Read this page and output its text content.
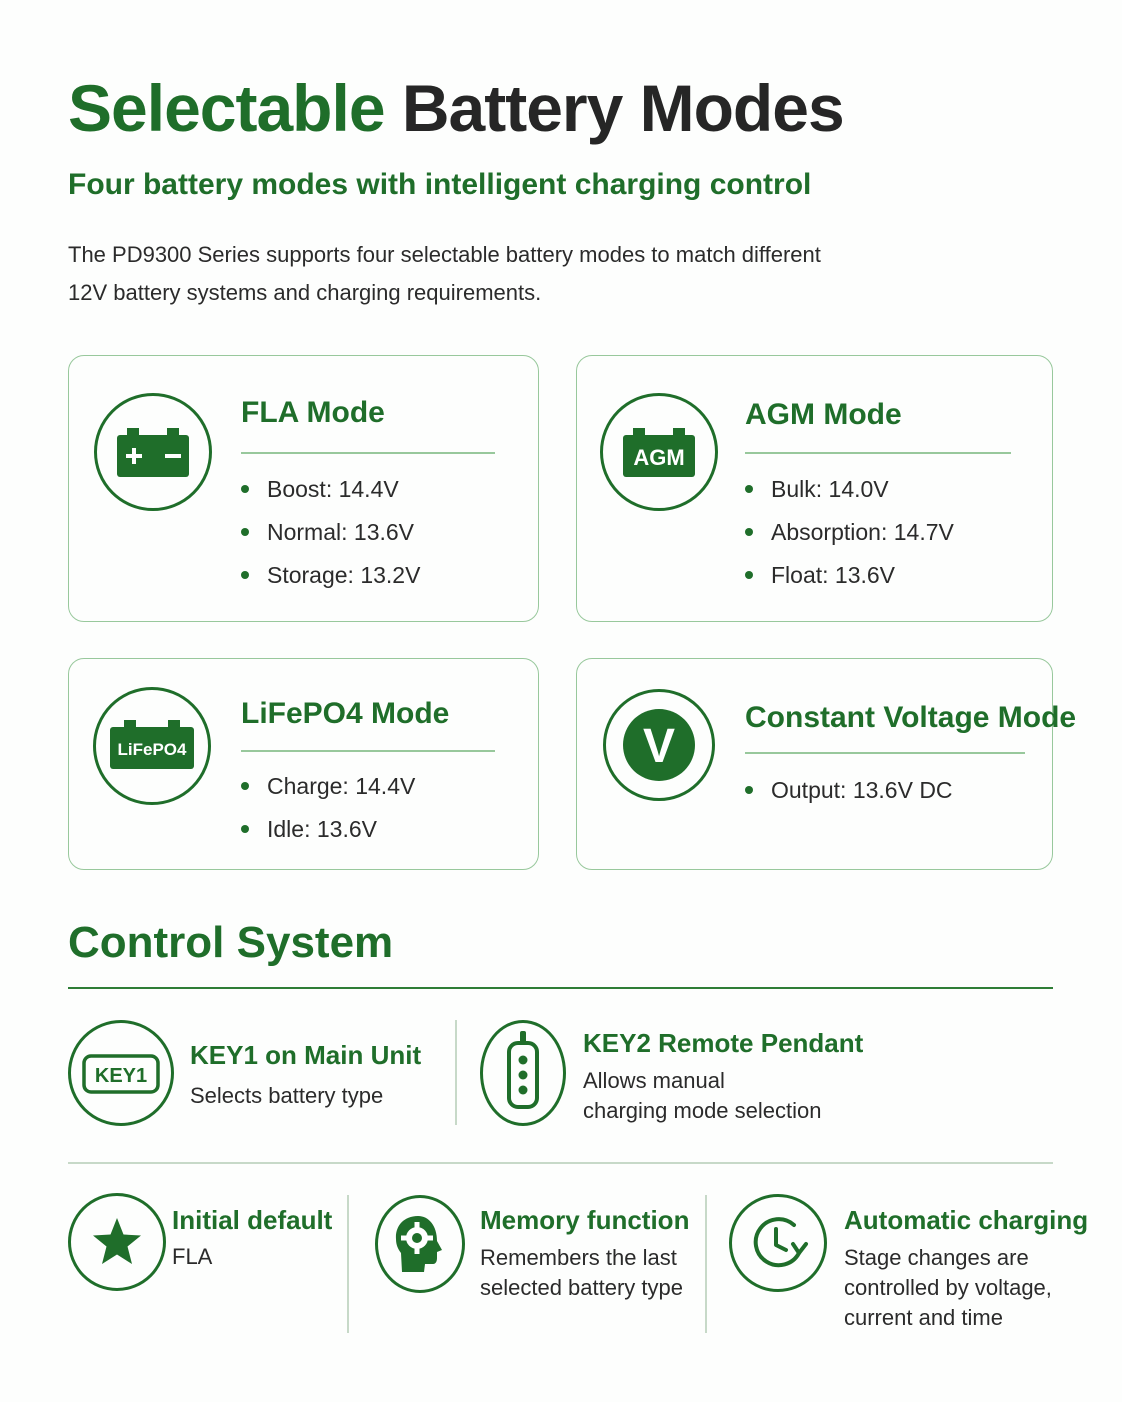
Selectable Battery Modes
Four battery modes with intelligent charging control
The PD9300 Series supports four selectable battery modes to match different 12V battery systems and charging requirements.
FLA Mode
Boost: 14.4V
Normal: 13.6V
Storage: 13.2V
AGM
AGM Mode
Bulk: 14.0V
Absorption: 14.7V
Float: 13.6V
LiFePO4
LiFePO4 Mode
Charge: 14.4V
Idle: 13.6V
V
Constant Voltage Mode
Output: 13.6V DC
Control System
KEY1
KEY1 on Main Unit
Selects battery type
KEY2 Remote Pendant
Allows manual
charging mode selection
Initial default
FLA
Memory function
Remembers the last
selected battery type
Automatic charging
Stage changes are
controlled by voltage,
current and time
